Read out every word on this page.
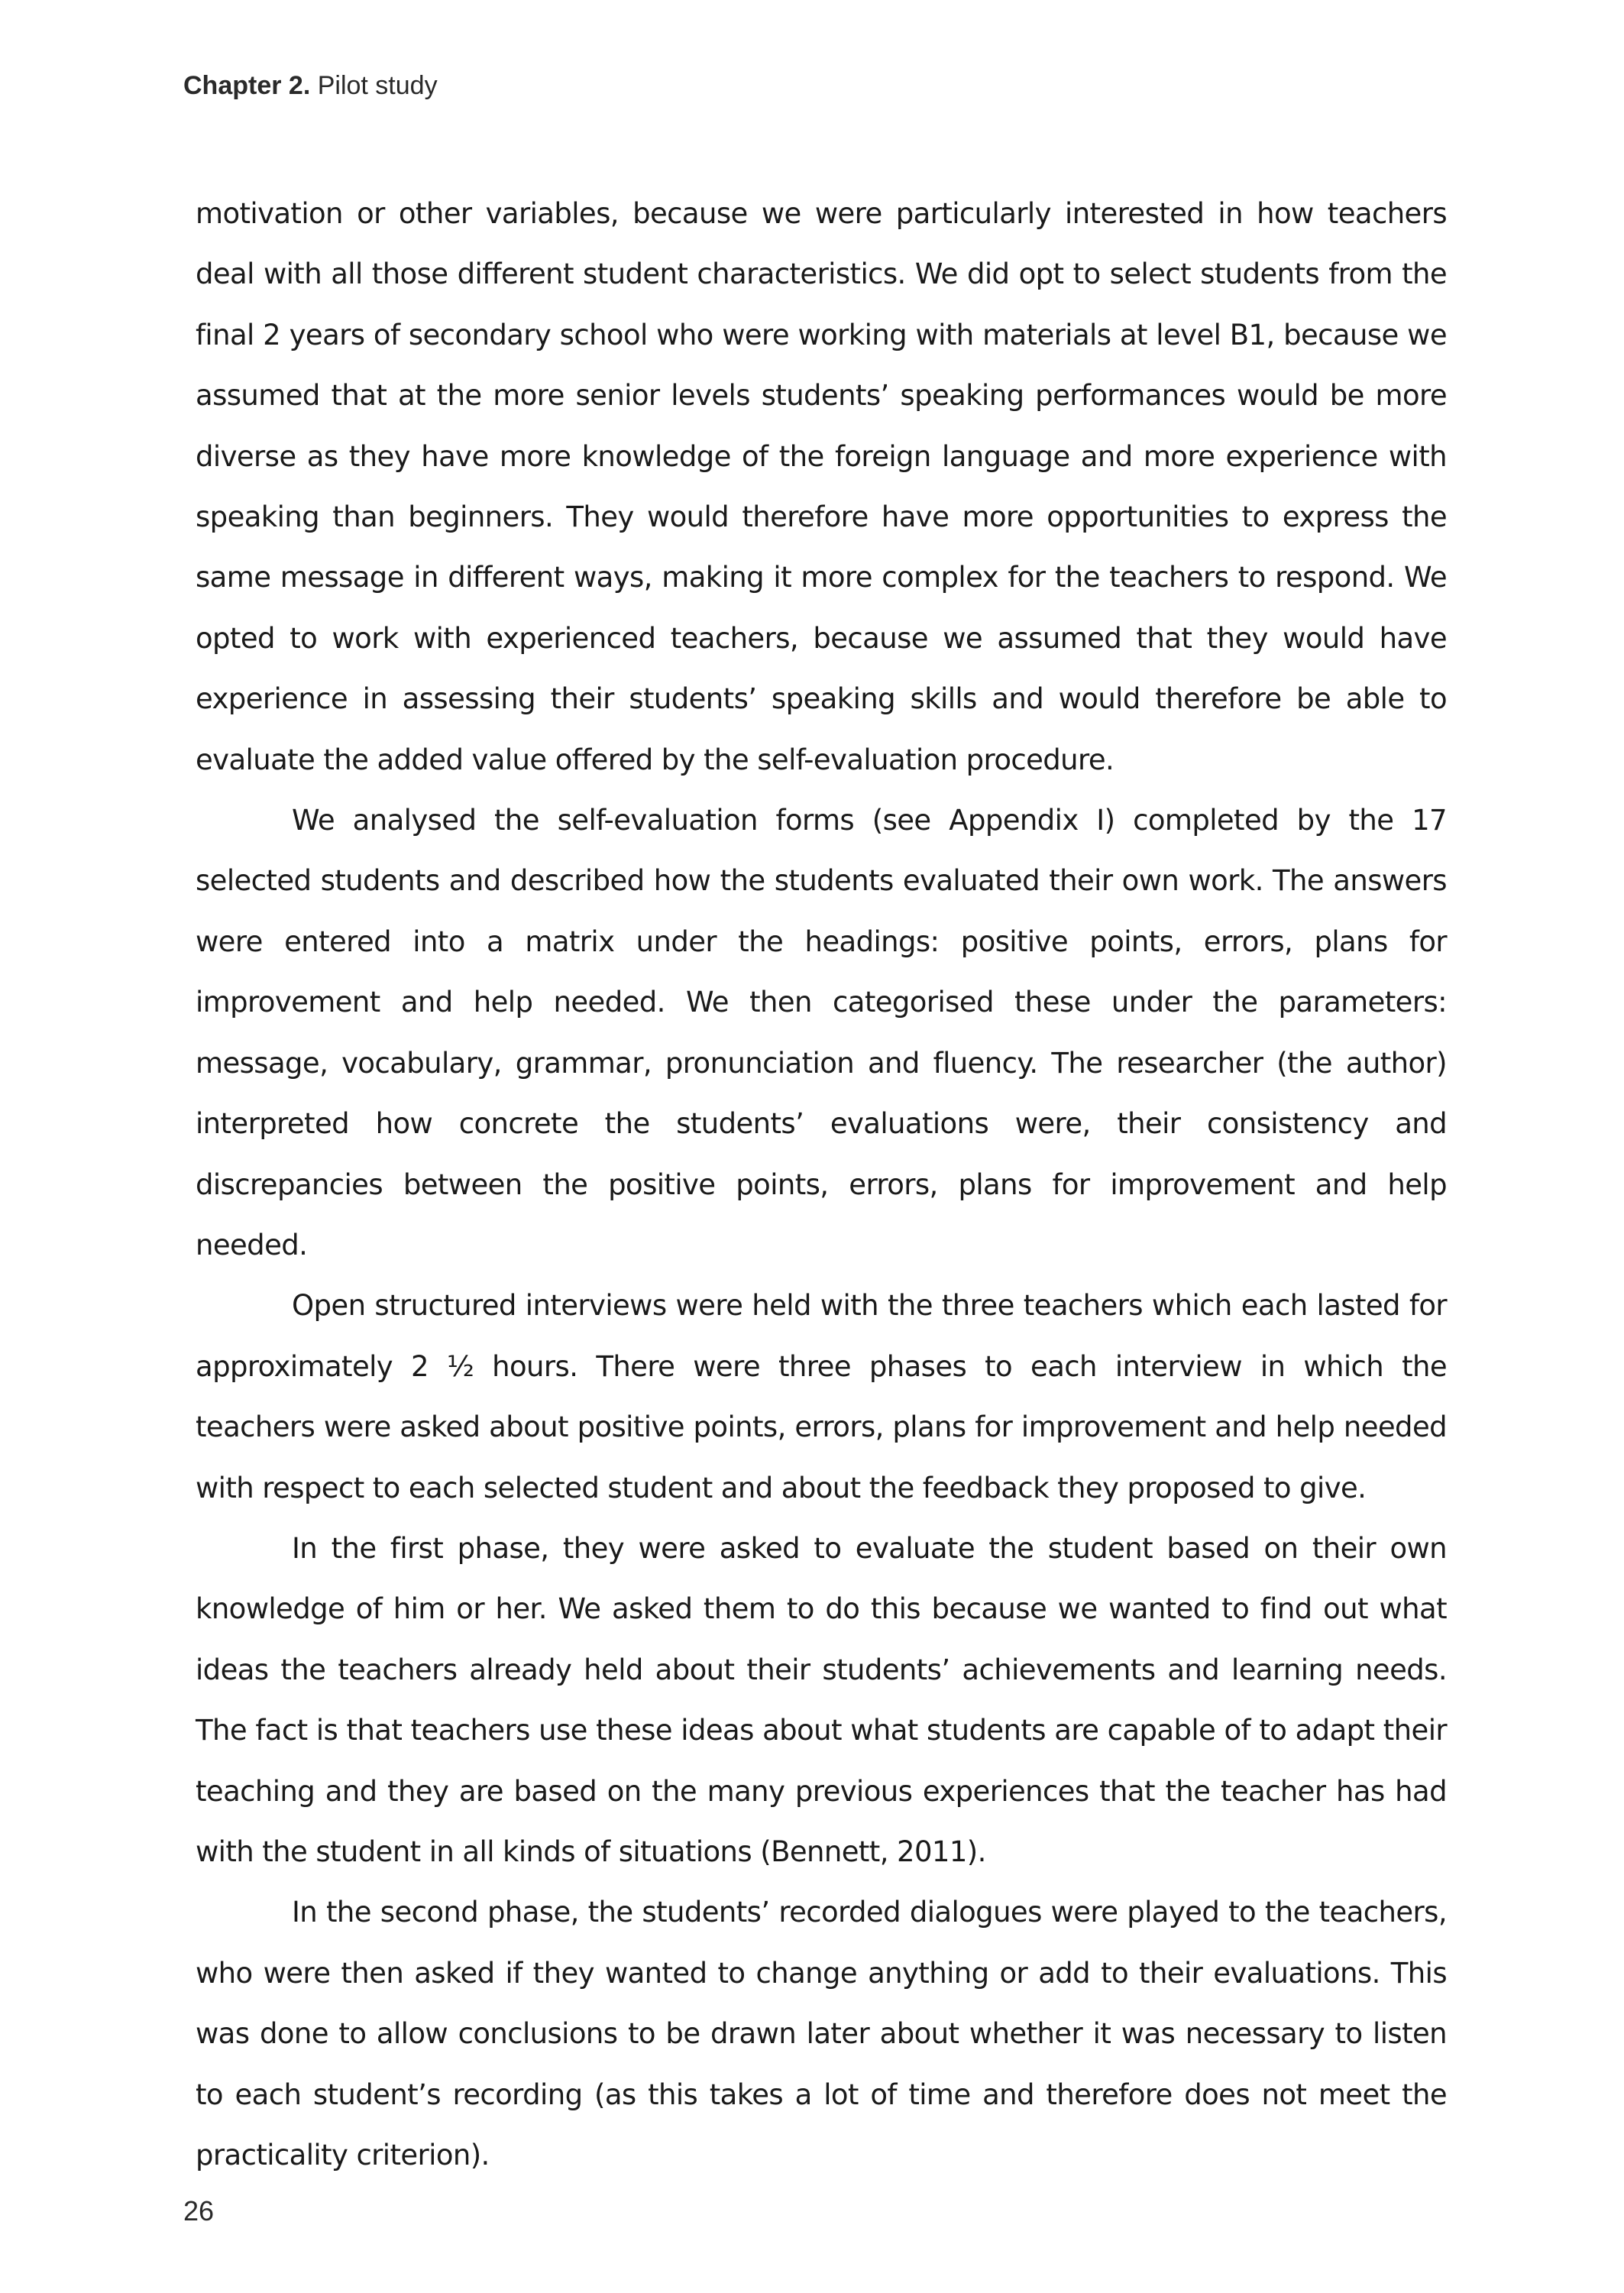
Chapter 2. Pilot study

motivation or other variables, because we were particularly interested in how teachers deal with all those different student characteristics. We did opt to select students from the final 2 years of secondary school who were working with materials at level B1, because we assumed that at the more senior levels students’ speaking performances would be more diverse as they have more knowledge of the foreign language and more experience with speaking than beginners. They would therefore have more opportunities to express the same message in different ways, making it more complex for the teachers to respond. We opted to work with experienced teachers, because we assumed that they would have experience in assessing their students’ speaking skills and would therefore be able to evaluate the added value offered by the self-evaluation procedure.

We analysed the self-evaluation forms (see Appendix I) completed by the 17 selected students and described how the students evaluated their own work. The answers were entered into a matrix under the headings: positive points, errors, plans for improvement and help needed. We then categorised these under the parameters: message, vocabulary, grammar, pronunciation and fluency. The researcher (the author) interpreted how concrete the students’ evaluations were, their consistency and discrepancies between the positive points, errors, plans for improvement and help needed.

Open structured interviews were held with the three teachers which each lasted for approximately 2 ½ hours. There were three phases to each interview in which the teachers were asked about positive points, errors, plans for improvement and help needed with respect to each selected student and about the feedback they proposed to give.

In the first phase, they were asked to evaluate the student based on their own knowledge of him or her. We asked them to do this because we wanted to find out what ideas the teachers already held about their students’ achievements and learning needs. The fact is that teachers use these ideas about what students are capable of to adapt their teaching and they are based on the many previous experiences that the teacher has had with the student in all kinds of situations (Bennett, 2011).

In the second phase, the students’ recorded dialogues were played to the teachers, who were then asked if they wanted to change anything or add to their evaluations. This was done to allow conclusions to be drawn later about whether it was necessary to listen to each student’s recording (as this takes a lot of time and therefore does not meet the practicality criterion).

26
